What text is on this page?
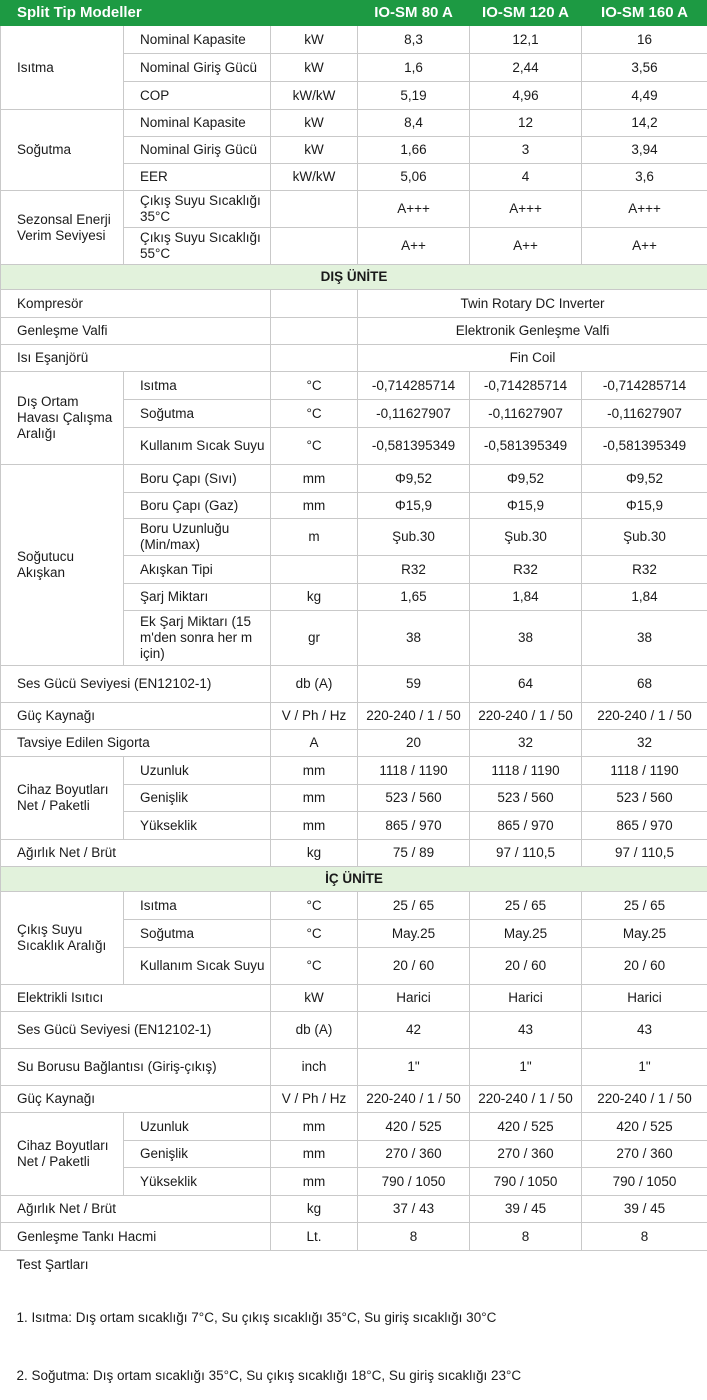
Split Tip Modeller			IO-SM 80 A	IO-SM 120 A	IO-SM 160 A
Isıtma	Nominal Kapasite	kW	8,3	12,1	16
	Nominal Giriş Gücü	kW	1,6	2,44	3,56
	COP	kW/kW	5,19	4,96	4,49
Soğutma	Nominal Kapasite	kW	8,4	12	14,2
	Nominal Giriş Gücü	kW	1,66	3	3,94
	EER	kW/kW	5,06	4	3,6
Sezonsal Enerji Verim Seviyesi	Çıkış Suyu Sıcaklığı 35°C		A+++	A+++	A+++
	Çıkış Suyu Sıcaklığı 55°C		A++	A++	A++
DIŞ ÜNİTE					
Kompresör			Twin Rotary DC Inverter		
Genleşme Valfi			Elektronik Genleşme Valfi		
Isı Eşanjörü			Fin Coil		
Dış Ortam Havası Çalışma Aralığı	Isıtma	°C	-0,714285714	-0,714285714	-0,714285714
	Soğutma	°C	-0,11627907	-0,11627907	-0,11627907
	Kullanım Sıcak Suyu	°C	-0,581395349	-0,581395349	-0,581395349
Soğutucu Akışkan	Boru Çapı (Sıvı)	mm	Φ9,52	Φ9,52	Φ9,52
	Boru Çapı (Gaz)	mm	Φ15,9	Φ15,9	Φ15,9
	Boru Uzunluğu (Min/max)	m	Şub.30	Şub.30	Şub.30
	Akışkan Tipi		R32	R32	R32
	Şarj Miktarı	kg	1,65	1,84	1,84
	Ek Şarj Miktarı (15 m'den sonra her m için)	gr	38	38	38
Ses Gücü Seviyesi (EN12102-1)		db (A)	59	64	68
Güç Kaynağı		V / Ph / Hz	220-240 / 1 / 50	220-240 / 1 / 50	220-240 / 1 / 50
Tavsiye Edilen Sigorta		A	20	32	32
Cihaz Boyutları Net / Paketli	Uzunluk	mm	1118 / 1190	1118 / 1190	1118 / 1190
	Genişlik	mm	523 / 560	523 / 560	523 / 560
	Yükseklik	mm	865 / 970	865 / 970	865 / 970
Ağırlık Net / Brüt		kg	75 / 89	97 / 110,5	97 / 110,5
İÇ ÜNİTE					
Çıkış Suyu Sıcaklık Aralığı	Isıtma	°C	25 / 65	25 / 65	25 / 65
	Soğutma	°C	May.25	May.25	May.25
	Kullanım Sıcak Suyu	°C	20 / 60	20 / 60	20 / 60
Elektrikli Isıtıcı		kW	Harici	Harici	Harici
Ses Gücü Seviyesi (EN12102-1)		db (A)	42	43	43
Su Borusu Bağlantısı (Giriş-çıkış)		inch	1"	1"	1"
Güç Kaynağı		V / Ph / Hz	220-240 / 1 / 50	220-240 / 1 / 50	220-240 / 1 / 50
Cihaz Boyutları Net / Paketli	Uzunluk	mm	420 / 525	420 / 525	420 / 525
	Genişlik	mm	270 / 360	270 / 360	270 / 360
	Yükseklik	mm	790 / 1050	790 / 1050	790 / 1050
Ağırlık Net / Brüt		kg	37 / 43	39 / 45	39 / 45
Genleşme Tankı Hacmi		Lt.	8	8	8
Test Şartları					

1. Isıtma: Dış ortam sıcaklığı 7°C, Su çıkış sıcaklığı 35°C, Su giriş sıcaklığı 30°C					

2. Soğutma: Dış ortam sıcaklığı 35°C, Su çıkış sıcaklığı 18°C, Su giriş sıcaklığı 23°C					
